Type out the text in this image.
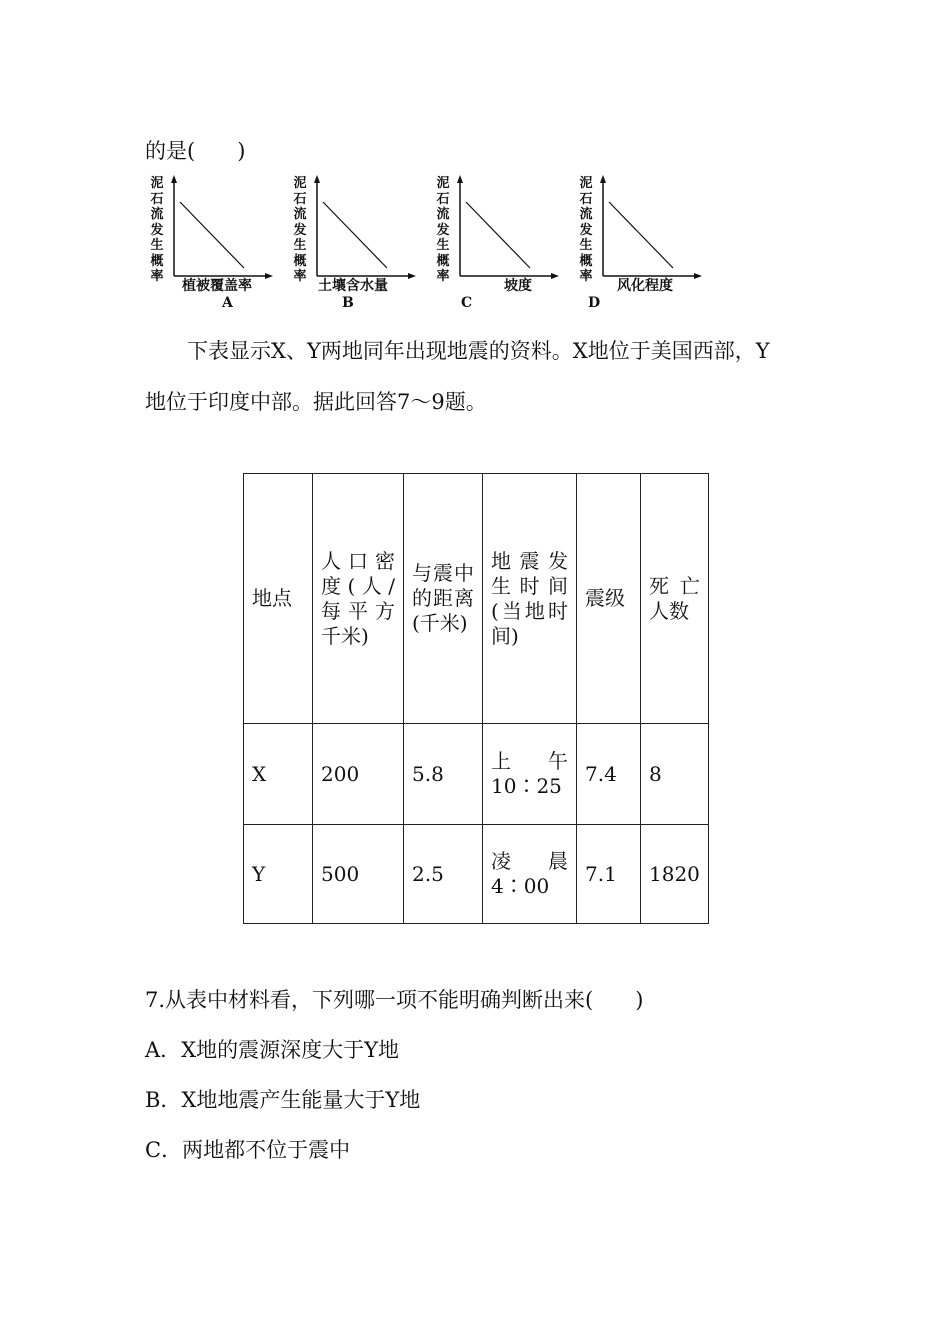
的是(　　)
泥石流发生概率
植被覆盖率
A
泥石流发生概率
土壤含水量
B
泥石流发生概率
坡度
C
泥石流发生概率
风化程度
D
　　下表显示X、Y两地同年出现地震的资料。X地位于美国西部，Y
地位于印度中部。据此回答7～9题。
地点	人口密度(人/每平方千米)	与震中的距离(千米)	地震发生时间(当地时间)	震级	死亡人数
X	200	5.8	上午10∶25	7.4	8
Y	500	2.5	凌晨4∶00	7.1	1820
7.从表中材料看，下列哪一项不能明确判断出来(　　)
A．X地的震源深度大于Y地
B．X地地震产生能量大于Y地
C．两地都不位于震中
